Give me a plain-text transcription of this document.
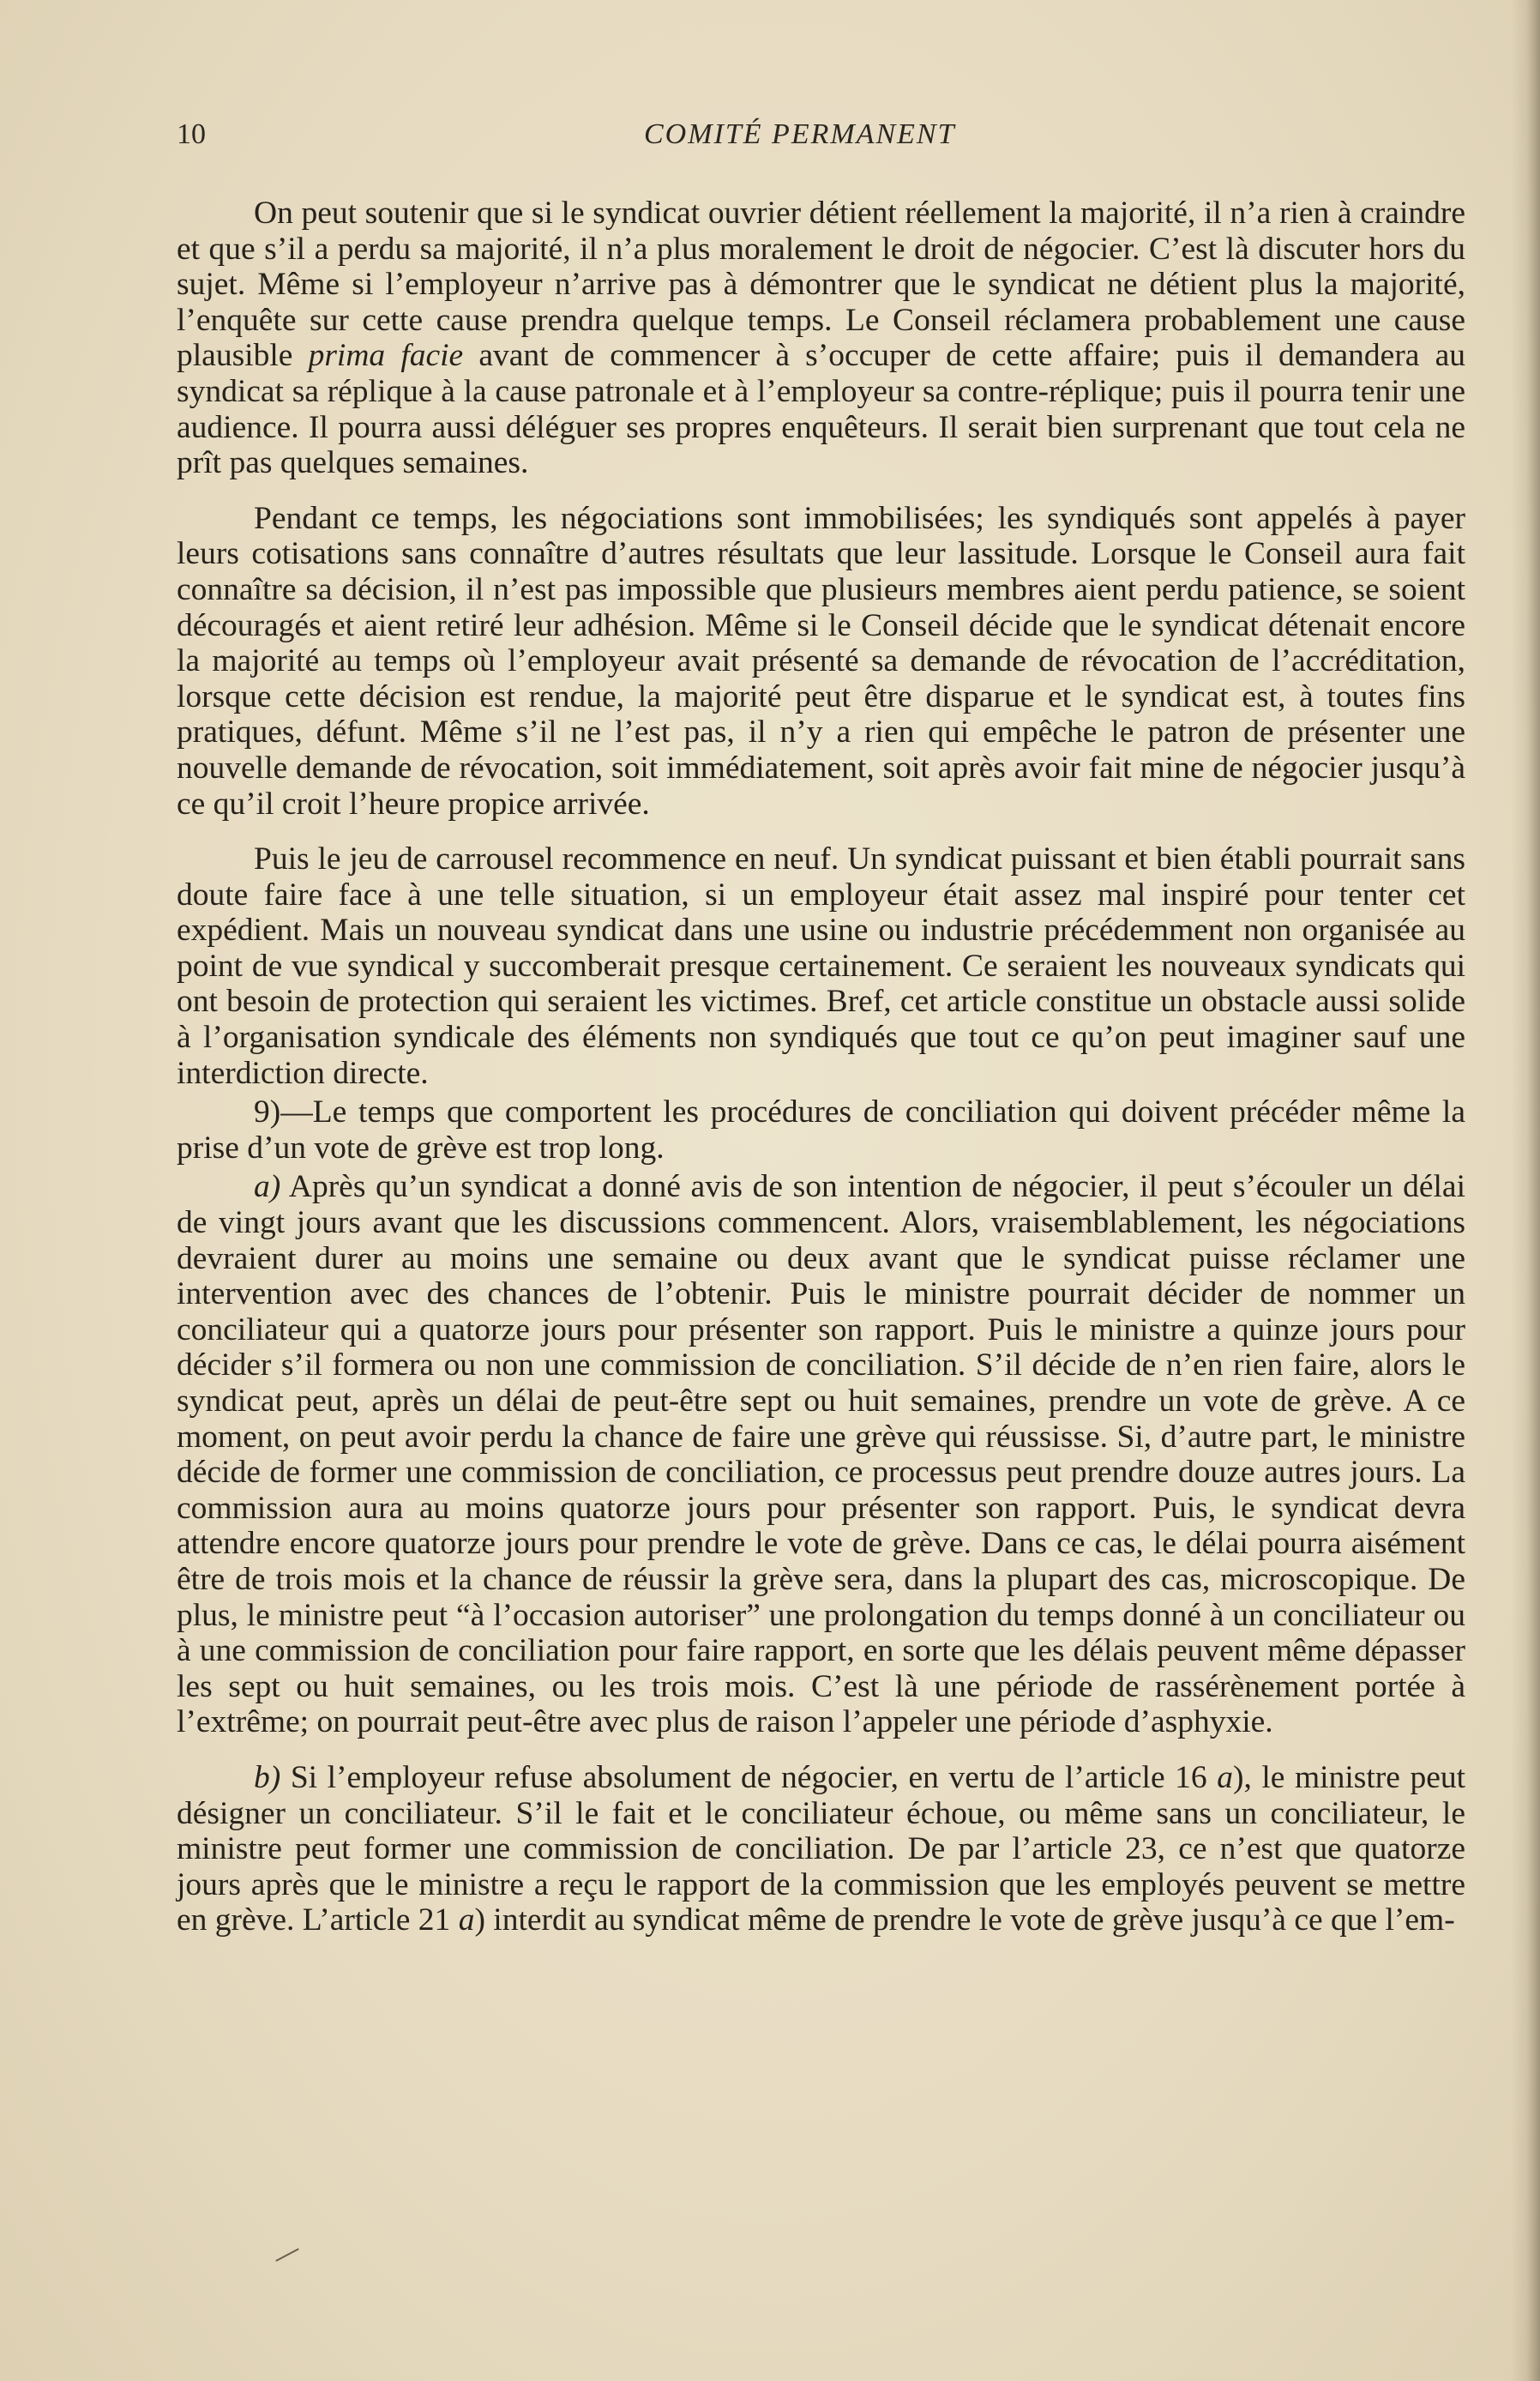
10	COMITÉ PERMANENT

On peut soutenir que si le syndicat ouvrier détient réellement la majorité, il n’a rien à craindre et que s’il a perdu sa majorité, il n’a plus moralement le droit de négocier. C’est là discuter hors du sujet. Même si l’employeur n’arrive pas à démontrer que le syndicat ne détient plus la majorité, l’enquête sur cette cause prendra quelque temps. Le Conseil réclamera probablement une cause plausible prima facie avant de commencer à s’occuper de cette affaire; puis il demandera au syndicat sa réplique à la cause patronale et à l’employeur sa contre-réplique; puis il pourra tenir une audience. Il pourra aussi déléguer ses propres enquêteurs. Il serait bien surprenant que tout cela ne prît pas quelques semaines.

Pendant ce temps, les négociations sont immobilisées; les syndiqués sont appelés à payer leurs cotisations sans connaître d’autres résultats que leur lassitude. Lorsque le Conseil aura fait connaître sa décision, il n’est pas impossible que plusieurs membres aient perdu patience, se soient découragés et aient retiré leur adhésion. Même si le Conseil décide que le syndicat détenait encore la majorité au temps où l’employeur avait présenté sa demande de révocation de l’accréditation, lorsque cette décision est rendue, la majorité peut être disparue et le syndicat est, à toutes fins pratiques, défunt. Même s’il ne l’est pas, il n’y a rien qui empêche le patron de présenter une nouvelle demande de révocation, soit immédiatement, soit après avoir fait mine de négocier jusqu’à ce qu’il croit l’heure propice arrivée.

Puis le jeu de carrousel recommence en neuf. Un syndicat puissant et bien établi pourrait sans doute faire face à une telle situation, si un employeur était assez mal inspiré pour tenter cet expédient. Mais un nouveau syndicat dans une usine ou industrie précédemment non organisée au point de vue syndical y succomberait presque certainement. Ce seraient les nouveaux syndicats qui ont besoin de protection qui seraient les victimes. Bref, cet article constitue un obstacle aussi solide à l’organisation syndicale des éléments non syndiqués que tout ce qu’on peut imaginer sauf une interdiction directe.

9)—Le temps que comportent les procédures de conciliation qui doivent précéder même la prise d’un vote de grève est trop long.

a) Après qu’un syndicat a donné avis de son intention de négocier, il peut s’écouler un délai de vingt jours avant que les discussions commencent. Alors, vraisemblablement, les négociations devraient durer au moins une semaine ou deux avant que le syndicat puisse réclamer une intervention avec des chances de l’obtenir. Puis le ministre pourrait décider de nommer un conciliateur qui a quatorze jours pour présenter son rapport. Puis le ministre a quinze jours pour décider s’il formera ou non une commission de conciliation. S’il décide de n’en rien faire, alors le syndicat peut, après un délai de peut-être sept ou huit semaines, prendre un vote de grève. A ce moment, on peut avoir perdu la chance de faire une grève qui réussisse. Si, d’autre part, le ministre décide de former une commission de conciliation, ce processus peut prendre douze autres jours. La commission aura au moins quatorze jours pour présenter son rapport. Puis, le syndicat devra attendre encore quatorze jours pour prendre le vote de grève. Dans ce cas, le délai pourra aisément être de trois mois et la chance de réussir la grève sera, dans la plupart des cas, microscopique. De plus, le ministre peut “à l’occasion autoriser” une prolongation du temps donné à un conciliateur ou à une commission de conciliation pour faire rapport, en sorte que les délais peuvent même dépasser les sept ou huit semaines, ou les trois mois. C’est là une période de rassérènement portée à l’extrême; on pourrait peut-être avec plus de raison l’appeler une période d’asphyxie.

b) Si l’employeur refuse absolument de négocier, en vertu de l’article 16 a), le ministre peut désigner un conciliateur. S’il le fait et le conciliateur échoue, ou même sans un conciliateur, le ministre peut former une commission de conciliation. De par l’article 23, ce n’est que quatorze jours après que le ministre a reçu le rapport de la commission que les employés peuvent se mettre en grève. L’article 21 a) interdit au syndicat même de prendre le vote de grève jusqu’à ce que l’em-
